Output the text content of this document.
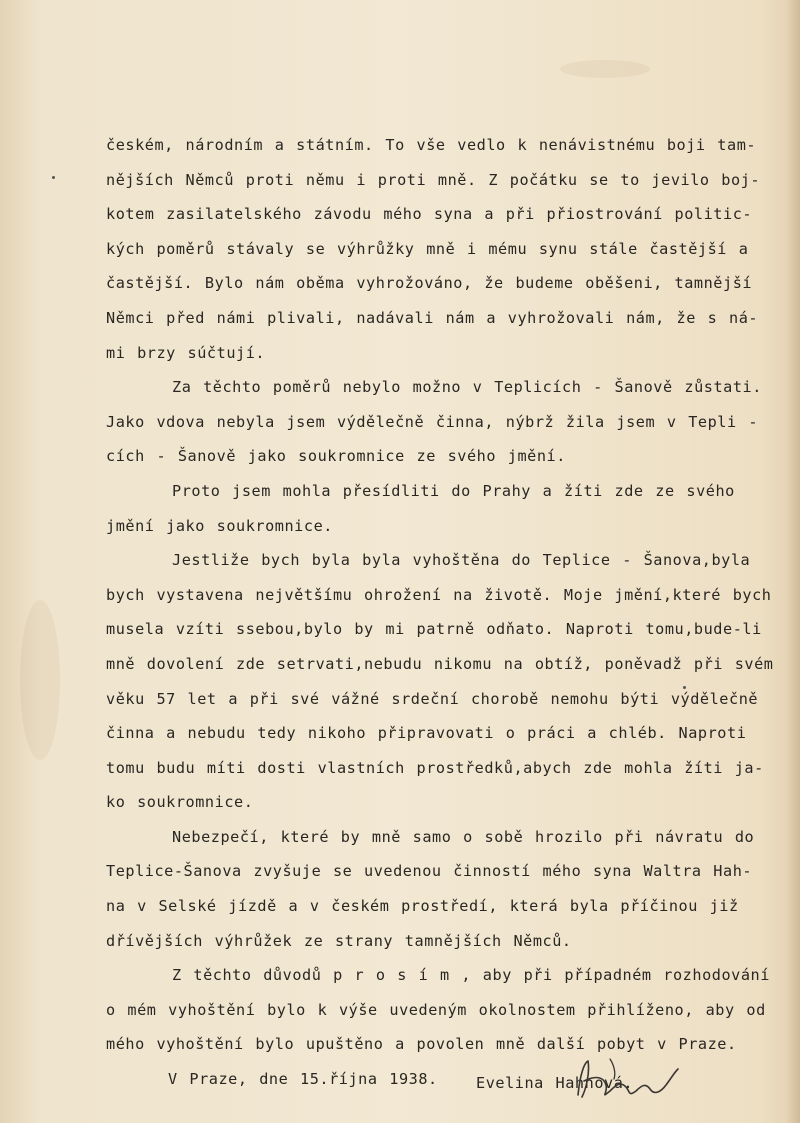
českém, národním a státním. To vše vedlo k nenávistnému boji tam-
nějších Němců proti němu i proti mně. Z počátku se to jevilo boj-
kotem zasilatelského závodu mého syna a při přiostrování politic-
kých poměrů stávaly se výhrůžky mně i mému synu stále častější a
častější. Bylo nám oběma vyhrožováno, že budeme oběšeni, tamnější
Němci před námi plivali, nadávali nám a vyhrožovali nám, že s ná-
mi brzy súčtují.
Za těchto poměrů nebylo možno v Teplicích - Šanově zůstati.
Jako vdova nebyla jsem výdělečně činna, nýbrž žila jsem v Tepli -
cích - Šanově jako soukromnice ze svého jmění.
Proto jsem mohla přesídliti do Prahy a žíti zde ze svého
jmění jako soukromnice.
Jestliže bych byla byla vyhoštěna do Teplice - Šanova,byla
bych vystavena největšímu ohrožení na životě. Moje jmění,které bych
musela vzíti ssebou,bylo by mi patrně odňato. Naproti tomu,bude-li
mně dovolení zde setrvati,nebudu nikomu na obtíž, poněvadž při svém
věku 57 let a při své vážné srdeční chorobě nemohu býti výdělečně
činna a nebudu tedy nikoho připravovati o práci a chléb. Naproti
tomu budu míti dosti vlastních prostředků,abych zde mohla žíti ja-
ko soukromnice.
Nebezpečí, které by mně samo o sobě hrozilo při návratu do
Teplice-Šanova zvyšuje se uvedenou činností mého syna Waltra Hah-
na v Selské jízdě a v českém prostředí, která byla příčinou již
dřívějších výhrůžek ze strany tamnějších Němců.
Z těchto důvodů p r o s í m , aby při případném rozhodování
o mém vyhoštění bylo k výše uvedeným okolnostem přihlíženo, aby od
mého vyhoštění bylo upuštěno a povolen mně další pobyt v Praze.
V Praze, dne 15.října 1938.	Evelina Hahnová.
